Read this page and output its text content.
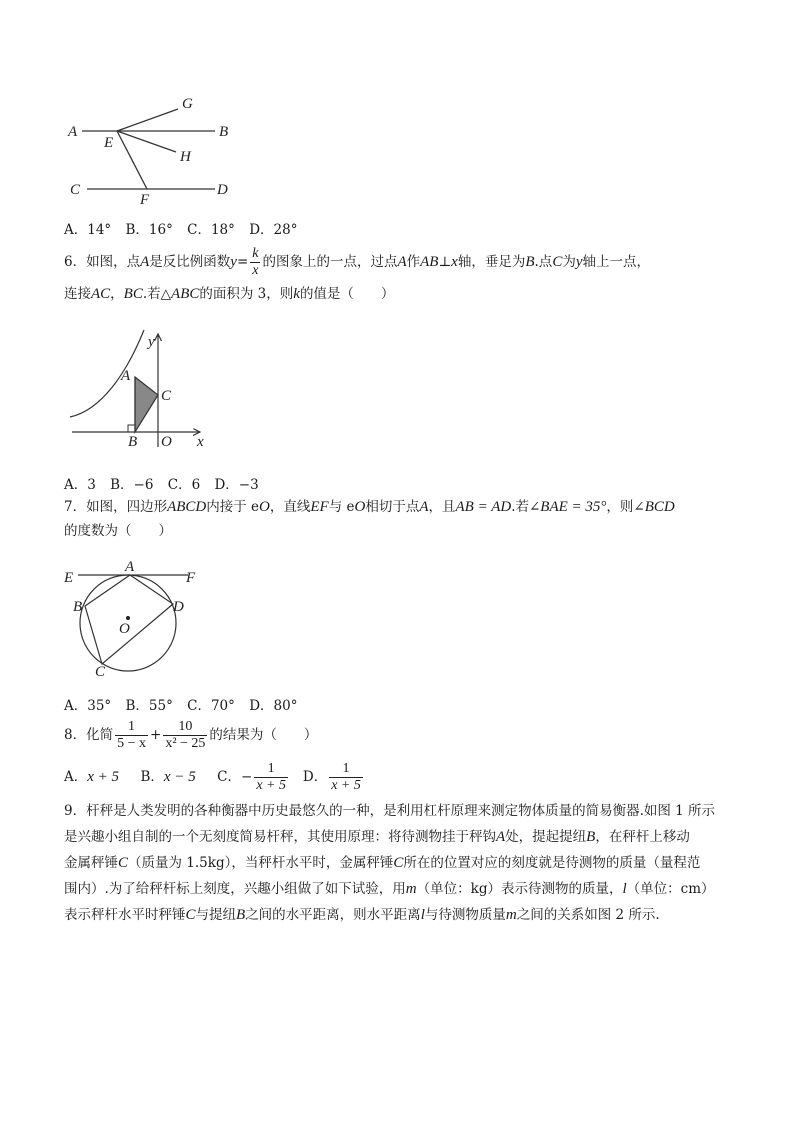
A	B
C	D
E
F
G
H
A．14° B．16° C．18° D．28°
6．如图，点A是反比例函数$y= \frac{k}{x}$ 的图象上的一点，过点A作AB⊥x轴，垂足为B.点C为y轴上一点，
连接AC，BC.若△ABC的面积为 3，则k的值是（　　）
y
A
C
B O x
A．3 B．−6 C．6 D．−3
7．如图，四边形ABCD内接于 eO，直线EF与 eO相切于点A，且AB = AD.若∠BAE = 35°，则∠BCD
的度数为（　　）
E
A
F
B	D
O
C
A．35° B．55° C．70° D．80°
8．化简 $\frac{1}{5 - x} + \frac{10}{\text{x² − 25}}$ 的结果为（　　）
A．x + 5 B．x − 5 C．− $\frac{1}{x + 5}$ D． $\frac{1}{x + 5}$
9．杆秤是人类发明的各种衡器中历史最悠久的一种，是利用杠杆原理来测定物体质量的简易衡器.如图 1 所示
是兴趣小组自制的一个无刻度简易杆秤，其使用原理：将待测物挂于秤钩A处，提起提纽B，在秤杆上移动
金属秤锤C（质量为 1.5kg），当秤杆水平时，金属秤锤C所在的位置对应的刻度就是待测物的质量（量程范
围内）.为了给秤杆标上刻度，兴趣小组做了如下试验，用m（单位：kg）表示待测物的质量，l（单位：cm）
表示秤杆水平时秤锤C与提纽B之间的水平距离，则水平距离l与待测物质量m之间的关系如图 2 所示.
